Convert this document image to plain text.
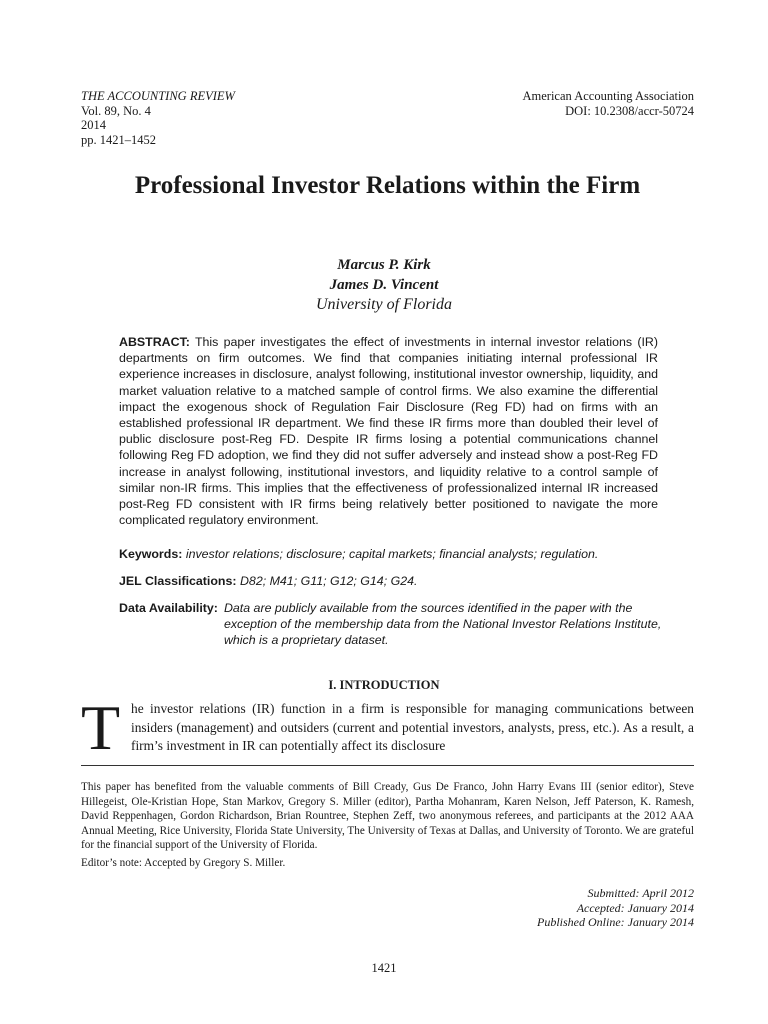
THE ACCOUNTING REVIEW
Vol. 89, No. 4
2014
pp. 1421–1452
American Accounting Association
DOI: 10.2308/accr-50724
Professional Investor Relations within the Firm
Marcus P. Kirk
James D. Vincent
University of Florida

ABSTRACT: This paper investigates the effect of investments in internal investor relations (IR) departments on firm outcomes. We find that companies initiating internal professional IR experience increases in disclosure, analyst following, institutional investor ownership, liquidity, and market valuation relative to a matched sample of control firms. We also examine the differential impact the exogenous shock of Regulation Fair Disclosure (Reg FD) had on firms with an established professional IR department. We find these IR firms more than doubled their level of public disclosure post-Reg FD. Despite IR firms losing a potential communications channel following Reg FD adoption, we find they did not suffer adversely and instead show a post-Reg FD increase in analyst following, institutional investors, and liquidity relative to a control sample of similar non-IR firms. This implies that the effectiveness of professionalized internal IR increased post-Reg FD consistent with IR firms being relatively better positioned to navigate the more complicated regulatory environment.

Keywords: investor relations; disclosure; capital markets; financial analysts; regulation.
JEL Classifications: D82; M41; G11; G12; G14; G24.
Data Availability: Data are publicly available from the sources identified in the paper with the exception of the membership data from the National Investor Relations Institute, which is a proprietary dataset.
I. INTRODUCTION
T he investor relations (IR) function in a firm is responsible for managing communications between insiders (management) and outsiders (current and potential investors, analysts, press, etc.). As a result, a firm’s investment in IR can potentially affect its disclosure

This paper has benefited from the valuable comments of Bill Cready, Gus De Franco, John Harry Evans III (senior editor), Steve Hillegeist, Ole-Kristian Hope, Stan Markov, Gregory S. Miller (editor), Partha Mohanram, Karen Nelson, Jeff Paterson, K. Ramesh, David Reppenhagen, Gordon Richardson, Brian Rountree, Stephen Zeff, two anonymous referees, and participants at the 2012 AAA Annual Meeting, Rice University, Florida State University, The University of Texas at Dallas, and University of Toronto. We are grateful for the financial support of the University of Florida.

Editor’s note: Accepted by Gregory S. Miller.

Submitted: April 2012
Accepted: January 2014
Published Online: January 2014
1421
